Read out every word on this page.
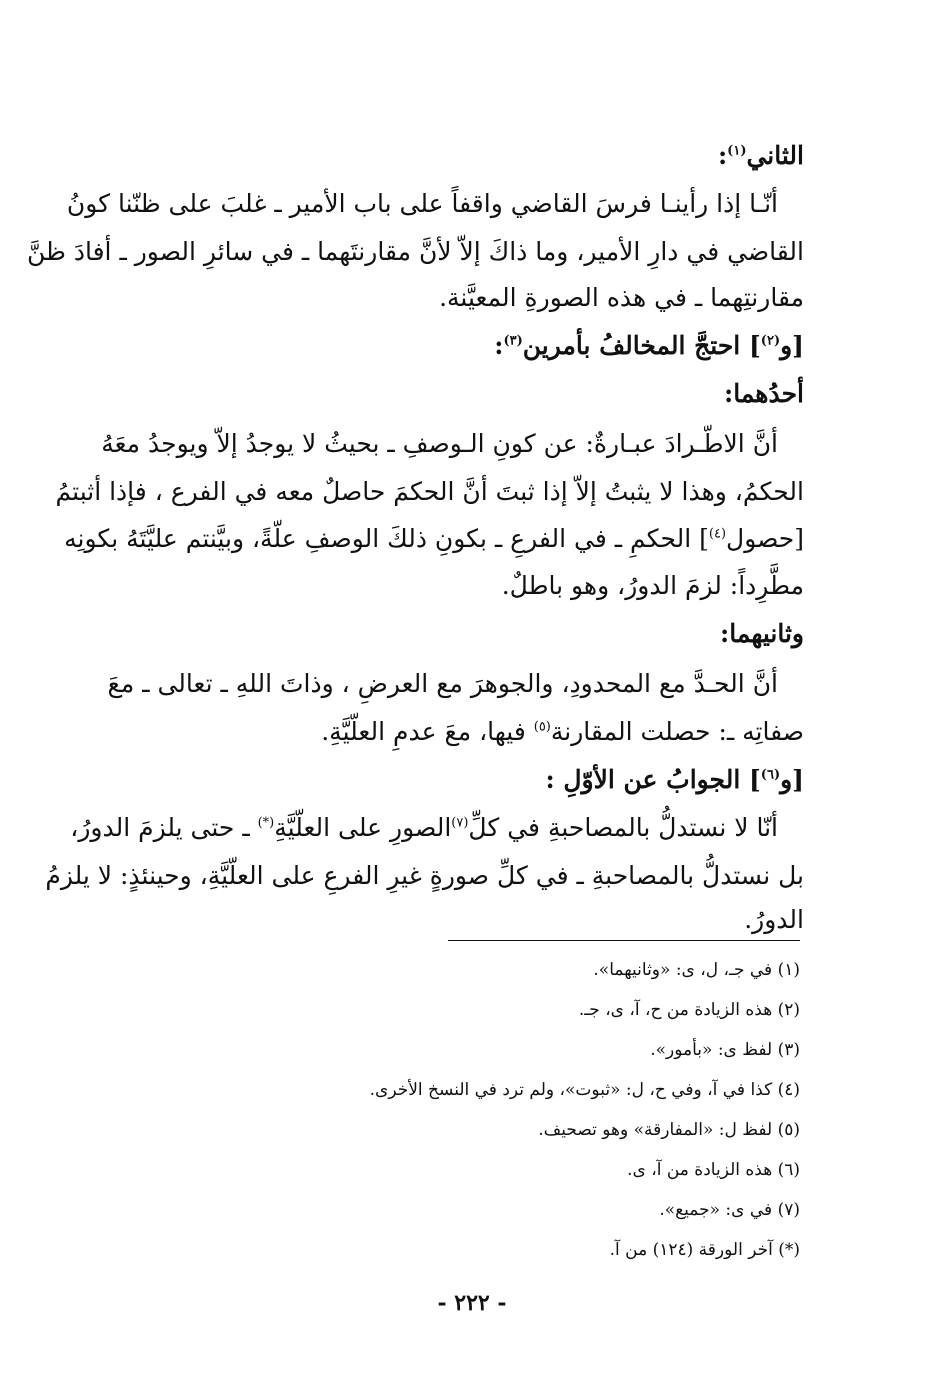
الثاني$^{(١)}$:
أنّـا إذا رأينـا فرسَ القاضي واقفاً على باب الأمير ـ غلبَ على ظنّنا كونُ
القاضي في دارِ الأمير، وما ذاكَ إلاّ لأنَّ مقارنتَهما ـ في سائرِ الصور ـ أفادَ ظنَّ
مقارنتِهما ـ في هذه الصورةِ المعيَّنة.
[و$^{(٢)}$] احتجَّ المخالفُ بأمرين$^{(٣)}$:
أحدُهما:
أنَّ الاطّـرادَ عبـارةٌ: عن كونِ الـوصفِ ـ بحيثُ لا يوجدُ إلاّ ويوجدُ معَهُ
الحكمُ، وهذا لا يثبتُ إلاّ إذا ثبتَ أنَّ الحكمَ حاصلٌ معه في الفرع ، فإذا أثبتمُ
[حصول$^{(٤)}$] الحكمِ ـ في الفرعِ ـ بكونِ ذلكَ الوصفِ علّةً، وبيَّنتم عليَّتَهُ بكونِه
مطَّرِداً: لزمَ الدورُ، وهو باطلٌ.
وثانيهما:
أنَّ الحـدَّ مع المحدودِ، والجوهرَ مع العرضِ ، وذاتَ اللهِ ـ تعالى ـ معَ
صفاتِه ـ: حصلت المقارنة$^{(٥)}$ فيها، معَ عدمِ العلّيَّةِ.
[و$^{(٦)}$] الجوابُ عن الأوّلِ :
أنّا لا نستدلُّ بالمصاحبةِ في كلِّ$^{(٧)}$الصورِ على العلّيَّةِ(*) ـ حتى يلزمَ الدورُ،
بل نستدلُّ بالمصاحبةِ ـ في كلِّ صورةٍ غيرِ الفرعِ على العلّيَّةِ، وحينئذٍ: لا يلزمُ
الدورُ.
(١) في جـ، ل، ى: «وثانيهما».
(٢) هذه الزيادة من ح، آ، ى، جـ.
(٣) لفظ ى: «بأمور».
(٤) كذا في آ، وفي ح، ل: «ثبوت»، ولم ترد في النسخ الأخرى.
(٥) لفظ ل: «المفارقة» وهو تصحيف.
(٦) هذه الزيادة من آ، ى.
(٧) في ى: «جميع».
(*) آخر الورقة (١٢٤) من آ.
- ٢٢٢ -
